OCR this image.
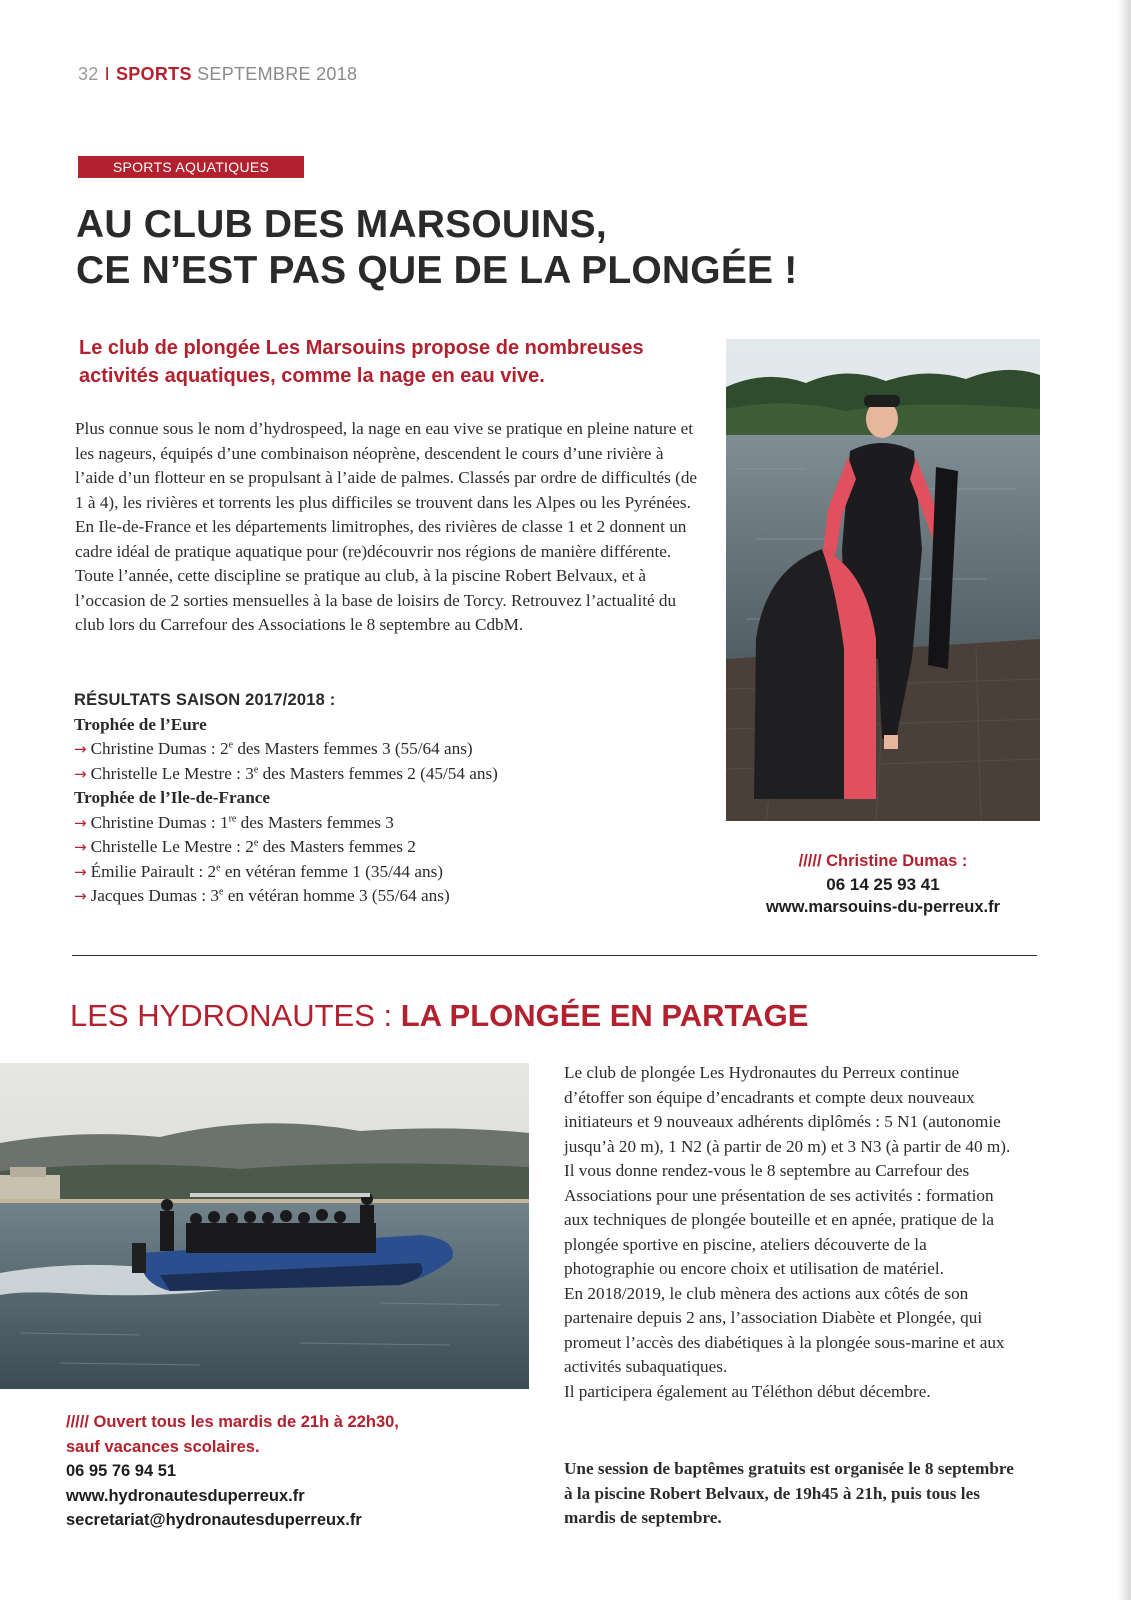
32 I SPORTS SEPTEMBRE 2018
SPORTS AQUATIQUES
AU CLUB DES MARSOUINS,
CE N’EST PAS QUE DE LA PLONGÉE !
Le club de plongée Les Marsouins propose de nombreuses activités aquatiques, comme la nage en eau vive.

Plus connue sous le nom d’hydrospeed, la nage en eau vive se pratique en pleine nature et les nageurs, équipés d’une combinaison néoprène, descendent le cours d’une rivière à l’aide d’un flotteur en se propulsant à l’aide de palmes. Classés par ordre de difficultés (de 1 à 4), les rivières et torrents les plus difficiles se trouvent dans les Alpes ou les Pyrénées. En Ile-de-France et les départements limitrophes, des rivières de classe 1 et 2 donnent un cadre idéal de pratique aquatique pour (re)découvrir nos régions de manière différente.

Toute l’année, cette discipline se pratique au club, à la piscine Robert Belvaux, et à l’occasion de 2 sorties mensuelles à la base de loisirs de Torcy. Retrouvez l’actualité du club lors du Carrefour des Associations le 8 septembre au CdbM.

RÉSULTATS SAISON 2017/2018 :
Trophée de l’Eure
→ Christine Dumas : 2e des Masters femmes 3 (55/64 ans)
→ Christelle Le Mestre : 3e des Masters femmes 2 (45/54 ans)
Trophée de l’Ile-de-France
→ Christine Dumas : 1re des Masters femmes 3
→ Christelle Le Mestre : 2e des Masters femmes 2
→ Émilie Pairault : 2e en vétéran femme 1 (35/44 ans)
→ Jacques Dumas : 3e en vétéran homme 3 (55/64 ans)
///// Christine Dumas :
06 14 25 93 41
www.marsouins-du-perreux.fr
LES HYDRONAUTES : LA PLONGÉE EN PARTAGE

Le club de plongée Les Hydronautes du Perreux continue d’étoffer son équipe d’encadrants et compte deux nouveaux initiateurs et 9 nouveaux adhérents diplômés : 5 N1 (autonomie jusqu’à 20 m), 1 N2 (à partir de 20 m) et 3 N3 (à partir de 40 m). Il vous donne rendez-vous le 8 septembre au Carrefour des Associations pour une présentation de ses activités : formation aux techniques de plongée bouteille et en apnée, pratique de la plongée sportive en piscine, ateliers découverte de la photographie ou encore choix et utilisation de matériel.

En 2018/2019, le club mènera des actions aux côtés de son partenaire depuis 2 ans, l’association Diabète et Plongée, qui promeut l’accès des diabétiques à la plongée sous-marine et aux activités subaquatiques.

Il participera également au Téléthon début décembre.

Une session de baptêmes gratuits est organisée le 8 septembre à la piscine Robert Belvaux, de 19h45 à 21h, puis tous les mardis de septembre.
///// Ouvert tous les mardis de 21h à 22h30,
sauf vacances scolaires.
06 95 76 94 51
www.hydronautesduperreux.fr
secretariat@hydronautesduperreux.fr
